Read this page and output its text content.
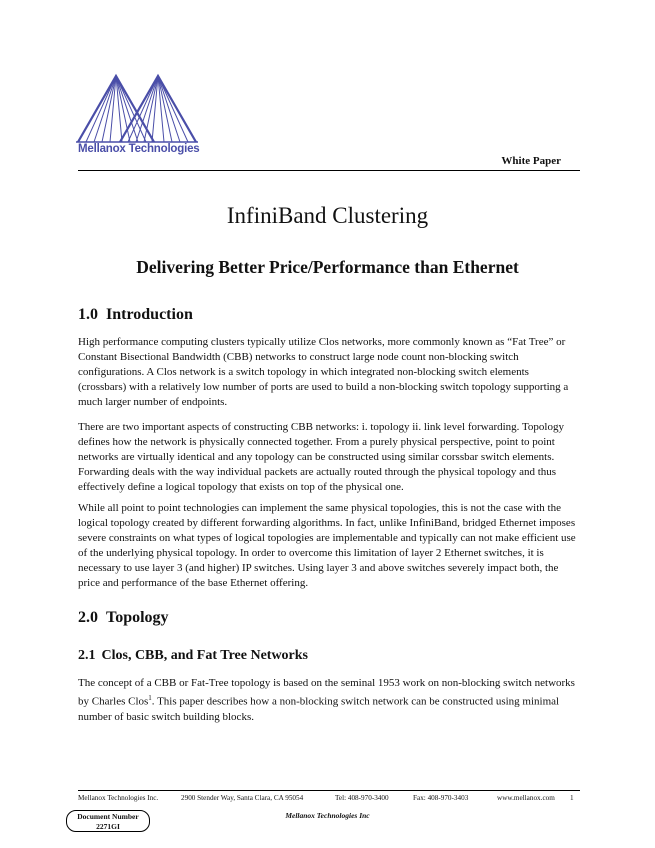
Mellanox Technologies
White Paper
InfiniBand Clustering
Delivering Better Price/Performance than Ethernet
1.0 Introduction

High performance computing clusters typically utilize Clos networks, more commonly known as “Fat Tree” or Constant Bisectional Bandwidth (CBB) networks to construct large node count non-blocking switch configurations. A Clos network is a switch topology in which integrated non-blocking switch elements (crossbars) with a relatively low number of ports are used to build a non-blocking switch topology supporting a much larger number of endpoints.

There are two important aspects of constructing CBB networks: i. topology ii. link level forwarding. Topology defines how the network is physically connected together. From a purely physical perspective, point to point networks are virtually identical and any topology can be constructed using similar corssbar switch elements. Forwarding deals with the way individual packets are actually routed through the physical topology and thus effectively define a logical topology that exists on top of the physical one.

While all point to point technologies can implement the same physical topologies, this is not the case with the logical topology created by different forwarding algorithms. In fact, unlike InfiniBand, bridged Ethernet imposes severe constraints on what types of logical topologies are implementable and typically can not make efficient use of the underlying physical topology. In order to overcome this limitation of layer 2 Ethernet switches, it is necessary to use layer 3 (and higher) IP switches. Using layer 3 and above switches severely impact both, the price and performance of the base Ethernet offering.

2.0 Topology
2.1 Clos, CBB, and Fat Tree Networks

The concept of a CBB or Fat-Tree topology is based on the seminal 1953 work on non-blocking switch networks by Charles Clos$^1$. This paper describes how a non-blocking switch network can be constructed using minimal number of basic switch building blocks.

Mellanox Technologies Inc.	2900 Stender Way, Santa Clara, CA 95054	Tel: 408-970-3400	Fax: 408-970-3403	www.mellanox.com 1
Document Number
2271GI
Mellanox Technologies Inc
